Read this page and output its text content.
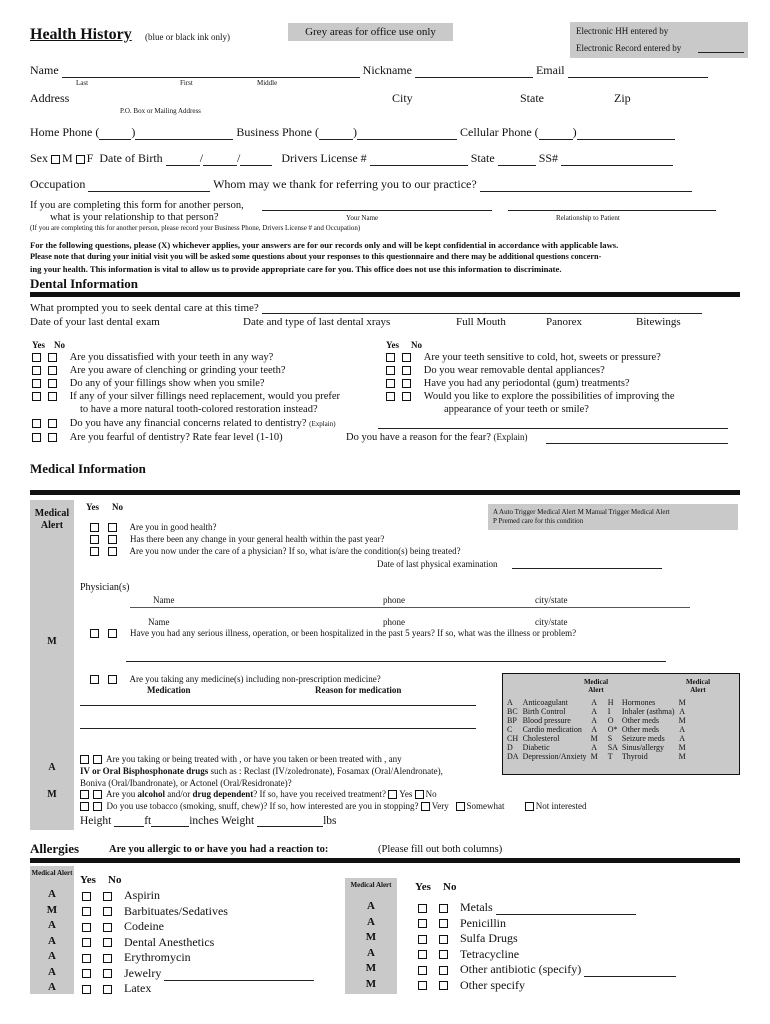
Health History (blue or black ink only)	Grey areas for office use only	Electronic HH entered by
Electronic Record entered by
Name	Nickname	Email
Last	First	Middle
Address	City	State	Zip
P.O. Box or Mailing Address
Home Phone (	)	Business Phone (	)	Cellular Phone (	)
Sex M F Date of Birth	/	/	Drivers License #	State	SS#
Occupation	Whom may we thank for referring you to our practice?
If you are completing this form for another person,
what is your relationship to that person?	Your Name	Relationship to Patient
(If you are completing this for another person, please record your Business Phone, Drivers License # and Occupation)
For the following questions, please (X) whichever applies, your answers are for our records only and will be kept confidential in accordance with applicable laws.
Please note that during your initial visit you will be asked some questions about your responses to this questionnaire and there may be additional questions concern-
ing your health. This information is vital to allow us to provide appropriate care for you. This office does not use this information to discriminate.
Dental Information
What prompted you to seek dental care at this time?
Date of your last dental exam	Date and type of last dental xrays	Full Mouth	Panorex	Bitewings
Yes No	Yes No
Are you dissatisfied with your teeth in any way?
Are you aware of clenching or grinding your teeth?
Do any of your fillings show when you smile?
If any of your silver fillings need replacement, would you prefer
to have a more natural tooth-colored restoration instead?
Do you have any financial concerns related to dentistry? (Explain)
Are you fearful of dentistry? Rate fear level (1-10)	Do you have a reason for the fear? (Explain)
Are your teeth sensitive to cold, hot, sweets or pressure?
Do you wear removable dental appliances?
Have you had any periodontal (gum) treatments?
Would you like to explore the possibilities of improving the
appearance of your teeth or smile?
Medical Information
Medical Alert
M
A
M
Yes No	A Auto Trigger Medical Alert M Manual Trigger Medical Alert
P Premed care for this condition
Are you in good health?
Has there been any change in your general health within the past year?
Are you now under the care of a physician? If so, what is/are the condition(s) being treated?
Date of last physical examination
Physician(s)
Name	phone	city/state
Name	phone	city/state
Have you had any serious illness, operation, or been hospitalized in the past 5 years? If so, what was the illness or problem?
Are you taking any medicine(s) including non-prescription medicine?
Medication	Reason for medication
Medical Alert
Medical Alert
A	Anticoagulant	A	H	Hormones	M
BC	Birth Control	A	I	Inhaler (asthma)	A
BP	Blood pressure	A	O	Other meds	M
C	Cardio medication	A	O*	Other meds	A
CH	Cholesterol	M	S	Seizure meds	A
D	Diabetic	A	SA	Sinus/allergy	M
DA	Depression/Anxiety	M	T	Thyroid	M
Are you taking or being treated with , or have you taken or been treated with , any
IV or Oral Bisphosphonate drugs such as : Reclast (IV/zoledronate), Fosamax (Oral/Alendronate),
Boniva (Oral/Ibandronate), or Actonel (Oral/Residronate)?
Are you alcohol and/or drug dependent? If so, have you received treatment? Yes No
Do you use tobacco (smoking, snuff, chew)? If so, how interested are you in stopping? Very Somewhat	Not interested
Height	ft	inches Weight	lbs
Allergies	Are you allergic to or have you had a reaction to:	(Please fill out both columns)
Medical Alert
Medical Alert
Yes No
Yes No
A	Aspirin
M	Barbituates/Sedatives
A	Codeine
A	Dental Anesthetics
A	Erythromycin
A	Jewelry
A	Latex
A	Metals
A	Penicillin
M	Sulfa Drugs
A	Tetracycline
M	Other antibiotic (specify)
M	Other specify
